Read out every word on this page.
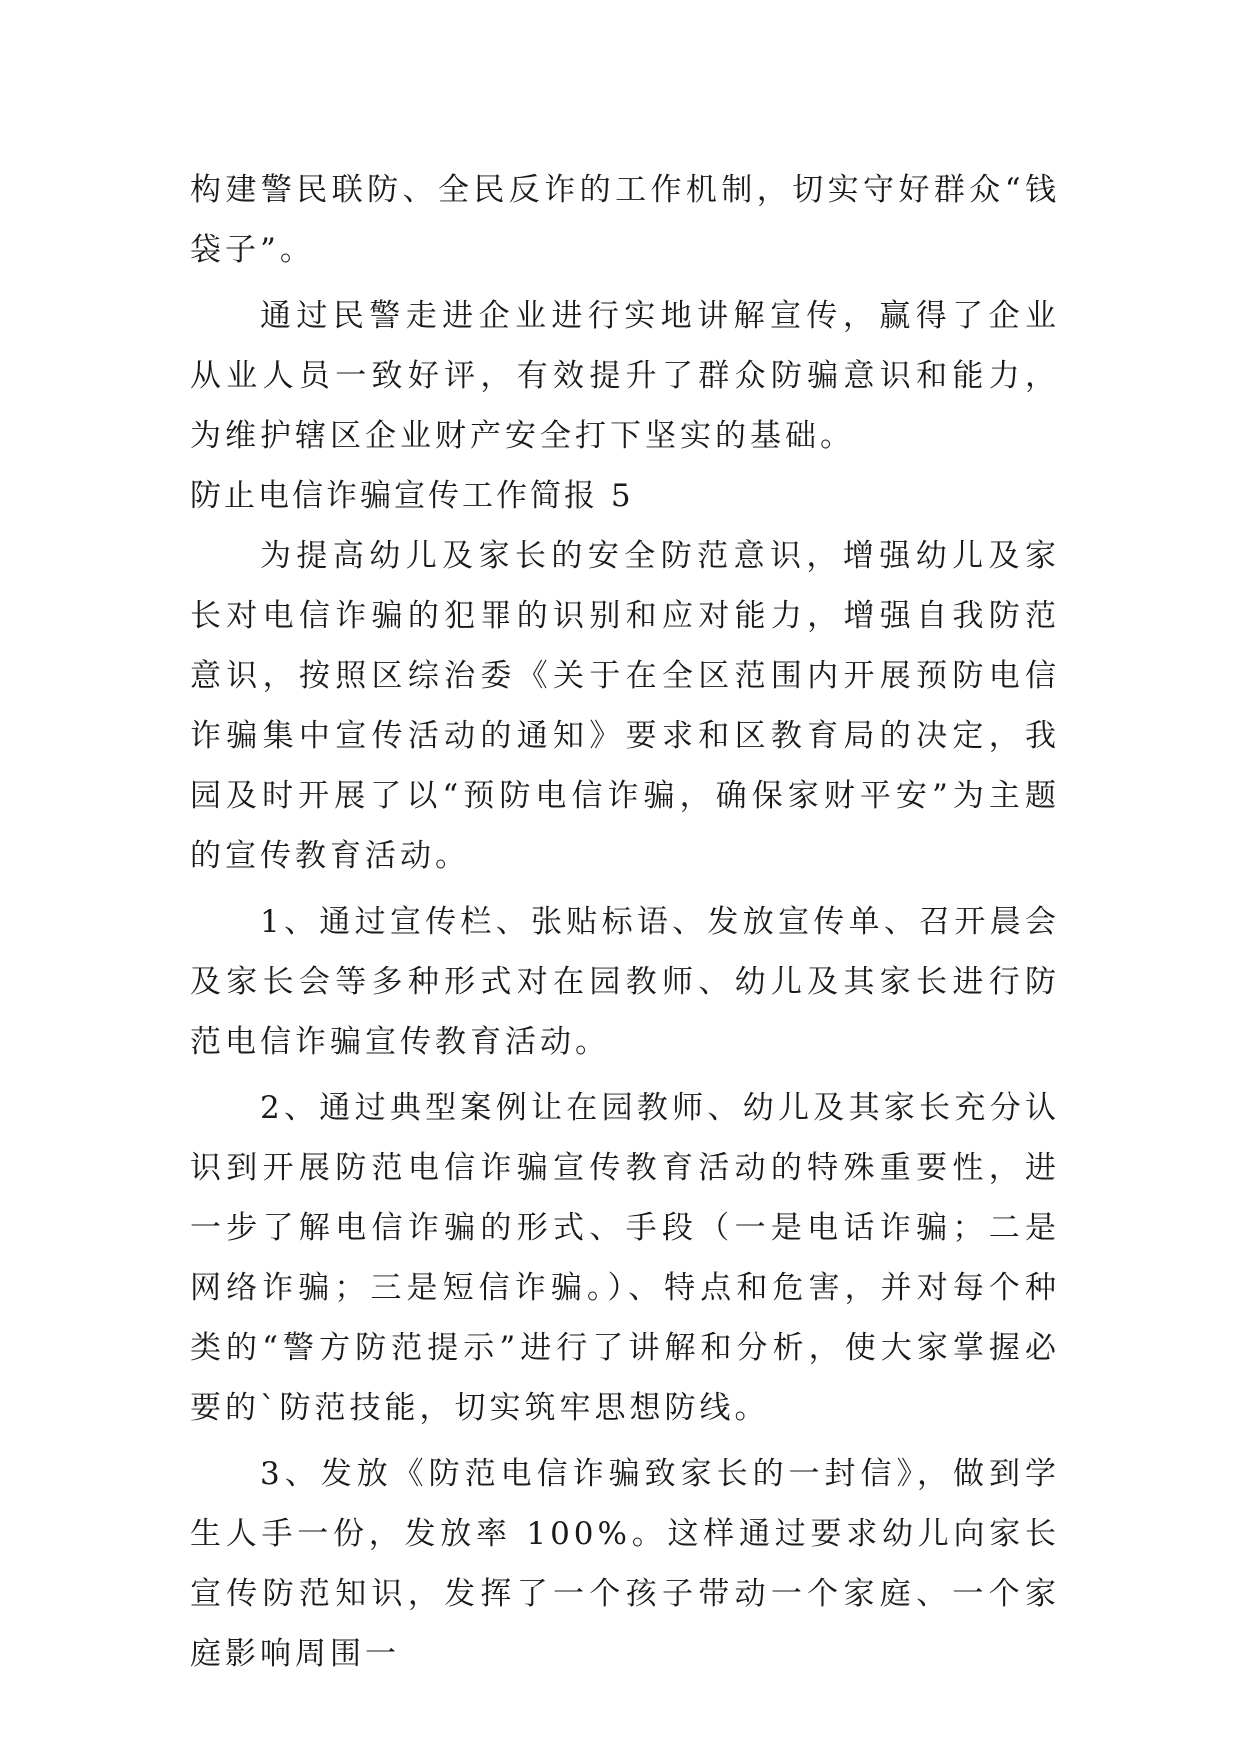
构建警民联防、全民反诈的工作机制，切实守好群众“钱袋子”。

通过民警走进企业进行实地讲解宣传，赢得了企业从业人员一致好评，有效提升了群众防骗意识和能力，为维护辖区企业财产安全打下坚实的基础。

防止电信诈骗宣传工作简报 5

为提高幼儿及家长的安全防范意识，增强幼儿及家长对电信诈骗的犯罪的识别和应对能力，增强自我防范意识，按照区综治委《关于在全区范围内开展预防电信诈骗集中宣传活动的通知》要求和区教育局的决定，我园及时开展了以“预防电信诈骗，确保家财平安”为主题的宣传教育活动。

1、通过宣传栏、张贴标语、发放宣传单、召开晨会及家长会等多种形式对在园教师、幼儿及其家长进行防范电信诈骗宣传教育活动。

2、通过典型案例让在园教师、幼儿及其家长充分认识到开展防范电信诈骗宣传教育活动的特殊重要性，进一步了解电信诈骗的形式、手段（一是电话诈骗；二是网络诈骗；三是短信诈骗。）、特点和危害，并对每个种类的“警方防范提示”进行了讲解和分析，使大家掌握必要的`防范技能，切实筑牢思想防线。

3、发放《防范电信诈骗致家长的一封信》，做到学生人手一份，发放率 100%。这样通过要求幼儿向家长宣传防范知识，发挥了一个孩子带动一个家庭、一个家庭影响周围一
